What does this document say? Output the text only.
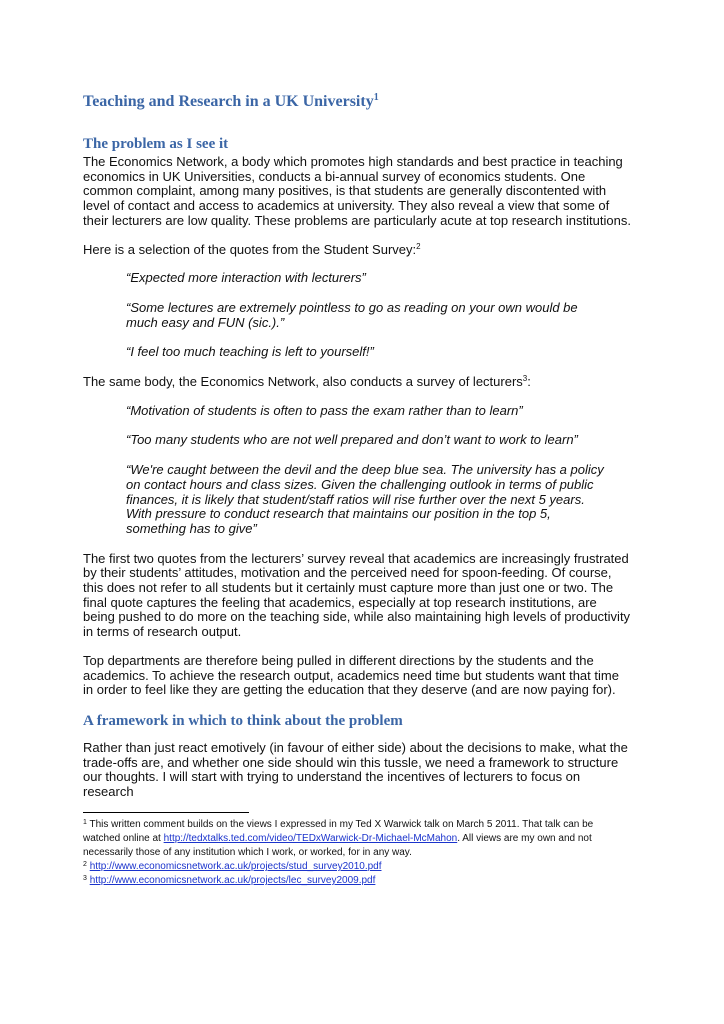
Teaching and Research in a UK University$^1$
The problem as I see it

The Economics Network, a body which promotes high standards and best practice in teaching economics in UK Universities, conducts a bi-annual survey of economics students. One common complaint, among many positives, is that students are generally discontented with level of contact and access to academics at university. They also reveal a view that some of their lecturers are low quality. These problems are particularly acute at top research institutions.

Here is a selection of the quotes from the Student Survey:$^2$

“Expected more interaction with lecturers”

“Some lectures are extremely pointless to go as reading on your own would be much easy and FUN (sic.).”

“I feel too much teaching is left to yourself!”

The same body, the Economics Network, also conducts a survey of lecturers$^3$:

“Motivation of students is often to pass the exam rather than to learn”

“Too many students who are not well prepared and don’t want to work to learn”

“We're caught between the devil and the deep blue sea. The university has a policy on contact hours and class sizes. Given the challenging outlook in terms of public finances, it is likely that student/staff ratios will rise further over the next 5 years. With pressure to conduct research that maintains our position in the top 5, something has to give”

The first two quotes from the lecturers’ survey reveal that academics are increasingly frustrated by their students’ attitudes, motivation and the perceived need for spoon-feeding. Of course, this does not refer to all students but it certainly must capture more than just one or two. The final quote captures the feeling that academics, especially at top research institutions, are being pushed to do more on the teaching side, while also maintaining high levels of productivity in terms of research output.

Top departments are therefore being pulled in different directions by the students and the academics. To achieve the research output, academics need time but students want that time in order to feel like they are getting the education that they deserve (and are now paying for).

A framework in which to think about the problem

Rather than just react emotively (in favour of either side) about the decisions to make, what the trade-offs are, and whether one side should win this tussle, we need a framework to structure our thoughts. I will start with trying to understand the incentives of lecturers to focus on research

$^1$ This written comment builds on the views I expressed in my Ted X Warwick talk on March 5 2011. That talk can be watched online at http://tedxtalks.ted.com/video/TEDxWarwick-Dr-Michael-McMahon. All views are my own and not necessarily those of any institution which I work, or worked, for in any way.
$^2$ http://www.economicsnetwork.ac.uk/projects/stud_survey2010.pdf
$^3$ http://www.economicsnetwork.ac.uk/projects/lec_survey2009.pdf
